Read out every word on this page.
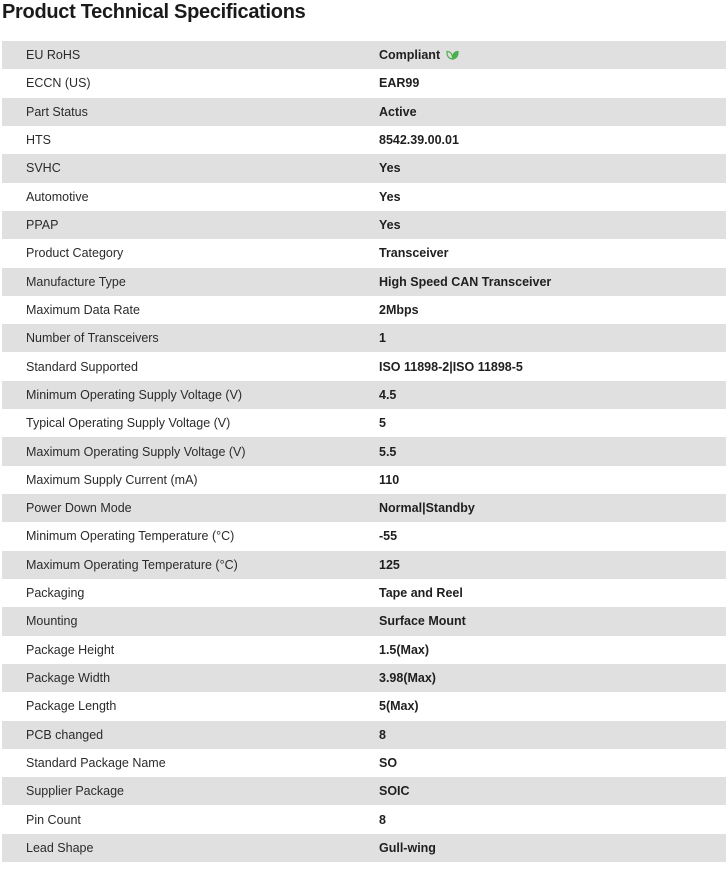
Product Technical Specifications
EU RoHS	Compliant
ECCN (US)	EAR99
Part Status	Active
HTS	8542.39.00.01
SVHC	Yes
Automotive	Yes
PPAP	Yes
Product Category	Transceiver
Manufacture Type	High Speed CAN Transceiver
Maximum Data Rate	2Mbps
Number of Transceivers	1
Standard Supported	ISO 11898-2|ISO 11898-5
Minimum Operating Supply Voltage (V)	4.5
Typical Operating Supply Voltage (V)	5
Maximum Operating Supply Voltage (V)	5.5
Maximum Supply Current (mA)	110
Power Down Mode	Normal|Standby
Minimum Operating Temperature (°C)	-55
Maximum Operating Temperature (°C)	125
Packaging	Tape and Reel
Mounting	Surface Mount
Package Height	1.5(Max)
Package Width	3.98(Max)
Package Length	5(Max)
PCB changed	8
Standard Package Name	SO
Supplier Package	SOIC
Pin Count	8
Lead Shape	Gull-wing
